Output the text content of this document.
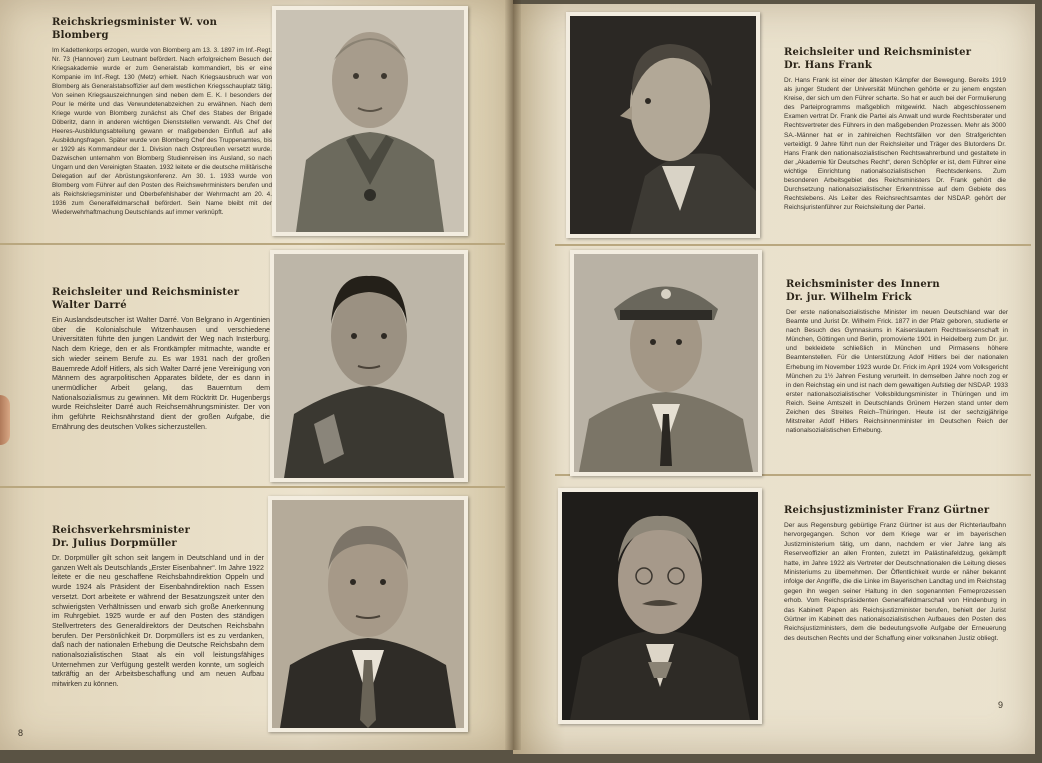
Reichskriegsminister W. von Blomberg
Im Kadettenkorps erzogen, wurde von Blomberg am 13. 3. 1897 im Inf.-Regt. Nr. 73 (Hannover) zum Leutnant befördert. Nach erfolgreichem Besuch der Kriegsakademie wurde er zum Generalstab kommandiert, bis er eine Kompanie im Inf.-Regt. 130 (Metz) erhielt. Nach Kriegsausbruch war von Blomberg als Generalstabsoffizier auf dem westlichen Kriegsschauplatz tätig. Von seinen Kriegsauszeichnungen sind neben dem E. K. I besonders der Pour le mérite und das Verwundetenabzeichen zu erwähnen. Nach dem Kriege wurde von Blomberg zunächst als Chef des Stabes der Brigade Döberitz, dann in anderen wichtigen Dienststellen verwandt. Als Chef der Heeres-Ausbildungsabteilung gewann er maßgebenden Einfluß auf alle Ausbildungsfragen. Später wurde von Blomberg Chef des Truppenamtes, bis er 1929 als Kommandeur der 1. Division nach Ostpreußen versetzt wurde. Dazwischen unternahm von Blomberg Studienreisen ins Ausland, so nach Ungarn und den Vereinigten Staaten. 1932 leitete er die deutsche militärische Delegation auf der Abrüstungskonferenz. Am 30. 1. 1933 wurde von Blomberg vom Führer auf den Posten des Reichswehrministers berufen und als Reichskriegsminister und Oberbefehlshaber der Wehrmacht am 20. 4. 1936 zum Generalfeldmarschall befördert. Sein Name bleibt mit der Wiederwehrhaftmachung Deutschlands auf immer verknüpft.
Reichsleiter und Reichsminister
Walter Darré
Ein Auslandsdeutscher ist Walter Darré. Von Belgrano in Argentinien über die Kolonialschule Witzenhausen und verschiedene Universitäten führte den jungen Landwirt der Weg nach Insterburg. Nach dem Kriege, den er als Frontkämpfer mitmachte, wandte er sich wieder seinem Berufe zu. Es war 1931 nach der großen Bauernrede Adolf Hitlers, als sich Walter Darré jene Vereinigung von Männern des agrarpolitischen Apparates bildete, der es dann in unermüdlicher Arbeit gelang, das Bauerntum dem Nationalsozialismus zu gewinnen. Mit dem Rücktritt Dr. Hugenbergs wurde Reichsleiter Darré auch Reichsernährungsminister. Der von ihm geführte Reichsnährstand dient der großen Aufgabe, die Ernährung des deutschen Volkes sicherzustellen.
Reichsverkehrsminister
Dr. Julius Dorpmüller
Dr. Dorpmüller gilt schon seit langem in Deutschland und in der ganzen Welt als Deutschlands „Erster Eisenbahner“. Im Jahre 1922 leitete er die neu geschaffene Reichsbahndirektion Oppeln und wurde 1924 als Präsident der Eisenbahndirektion nach Essen versetzt. Dort arbeitete er während der Besatzungszeit unter den schwierigsten Verhältnissen und erwarb sich große Anerkennung im Ruhrgebiet. 1925 wurde er auf den Posten des ständigen Stellvertreters des Generaldirektors der Deutschen Reichsbahn berufen. Der Persönlichkeit Dr. Dorpmüllers ist es zu verdanken, daß nach der nationalen Erhebung die Deutsche Reichsbahn dem nationalsozialistischen Staat als ein voll leistungsfähiges Unternehmen zur Verfügung gestellt werden konnte, um sogleich tatkräftig an der Arbeitsbeschaffung und am neuen Aufbau mitwirken zu können.
8
Reichsleiter und Reichsminister
Dr. Hans Frank
Dr. Hans Frank ist einer der ältesten Kämpfer der Bewegung. Bereits 1919 als junger Student der Universität München gehörte er zu jenem engsten Kreise, der sich um den Führer scharte. So hat er auch bei der Formulierung des Parteiprogramms maßgeblich mitgewirkt. Nach abgeschlossenem Examen vertrat Dr. Frank die Partei als Anwalt und wurde Rechtsberater und Rechtsvertreter des Führers in den maßgebenden Prozessen. Mehr als 3000 SA.-Männer hat er in zahlreichen Rechtsfällen vor den Strafgerichten verteidigt. 9 Jahre führt nun der Reichsleiter und Träger des Blutordens Dr. Hans Frank den nationalsozialistischen Rechtswahrerbund und gestaltete in der „Akademie für Deutsches Recht“, deren Schöpfer er ist, dem Führer eine wichtige Einrichtung nationalsozialistischen Rechtsdenkens. Zum besonderen Arbeitsgebiet des Reichsministers Dr. Frank gehört die Durchsetzung nationalsozialistischer Erkenntnisse auf dem Gebiete des Rechtslebens. Als Leiter des Reichsrechtsamtes der NSDAP. gehört der Reichsjuristenführer zur Reichsleitung der Partei.
Reichsminister des Innern
Dr. jur. Wilhelm Frick
Der erste nationalsozialistische Minister im neuen Deutschland war der Beamte und Jurist Dr. Wilhelm Frick. 1877 in der Pfalz geboren, studierte er nach Besuch des Gymnasiums in Kaiserslautern Rechtswissenschaft in München, Göttingen und Berlin, promovierte 1901 in Heidelberg zum Dr. jur. und bekleidete schließlich in München und Pirmasens höhere Beamtenstellen. Für die Unterstützung Adolf Hitlers bei der nationalen Erhebung im November 1923 wurde Dr. Frick im April 1924 vom Volksgericht München zu 1½ Jahren Festung verurteilt. In demselben Jahre noch zog er in den Reichstag ein und ist nach dem gewaltigen Aufstieg der NSDAP. 1933 erster nationalsozialistischer Volksbildungsminister in Thüringen und im Reich. Seine Amtszeit in Deutschlands Grünem Herzen stand unter dem Zeichen des Streites Reich–Thüringen. Heute ist der sechzigjährige Mitstreiter Adolf Hitlers Reichsinnenminister im Deutschen Reich der nationalsozialistischen Erhebung.
Reichsjustizminister Franz Gürtner
Der aus Regensburg gebürtige Franz Gürtner ist aus der Richterlaufbahn hervorgegangen. Schon vor dem Kriege war er im bayerischen Justizministerium tätig, um dann, nachdem er vier Jahre lang als Reserveoffizier an allen Fronten, zuletzt im Palästinafeldzug, gekämpft hatte, im Jahre 1922 als Vertreter der Deutschnationalen die Leitung dieses Ministeriums zu übernehmen. Der Öffentlichkeit wurde er näher bekannt infolge der Angriffe, die die Linke im Bayerischen Landtag und im Reichstag gegen ihn wegen seiner Haltung in den sogenannten Femeprozessen erhob. Vom Reichspräsidenten Generalfeldmarschall von Hindenburg in das Kabinett Papen als Reichsjustizminister berufen, behielt der Jurist Gürtner im Kabinett des nationalsozialistischen Aufbaues den Posten des Reichsjustizministers, dem die bedeutungsvolle Aufgabe der Erneuerung des deutschen Rechts und der Schaffung einer volksnahen Justiz obliegt.
9
